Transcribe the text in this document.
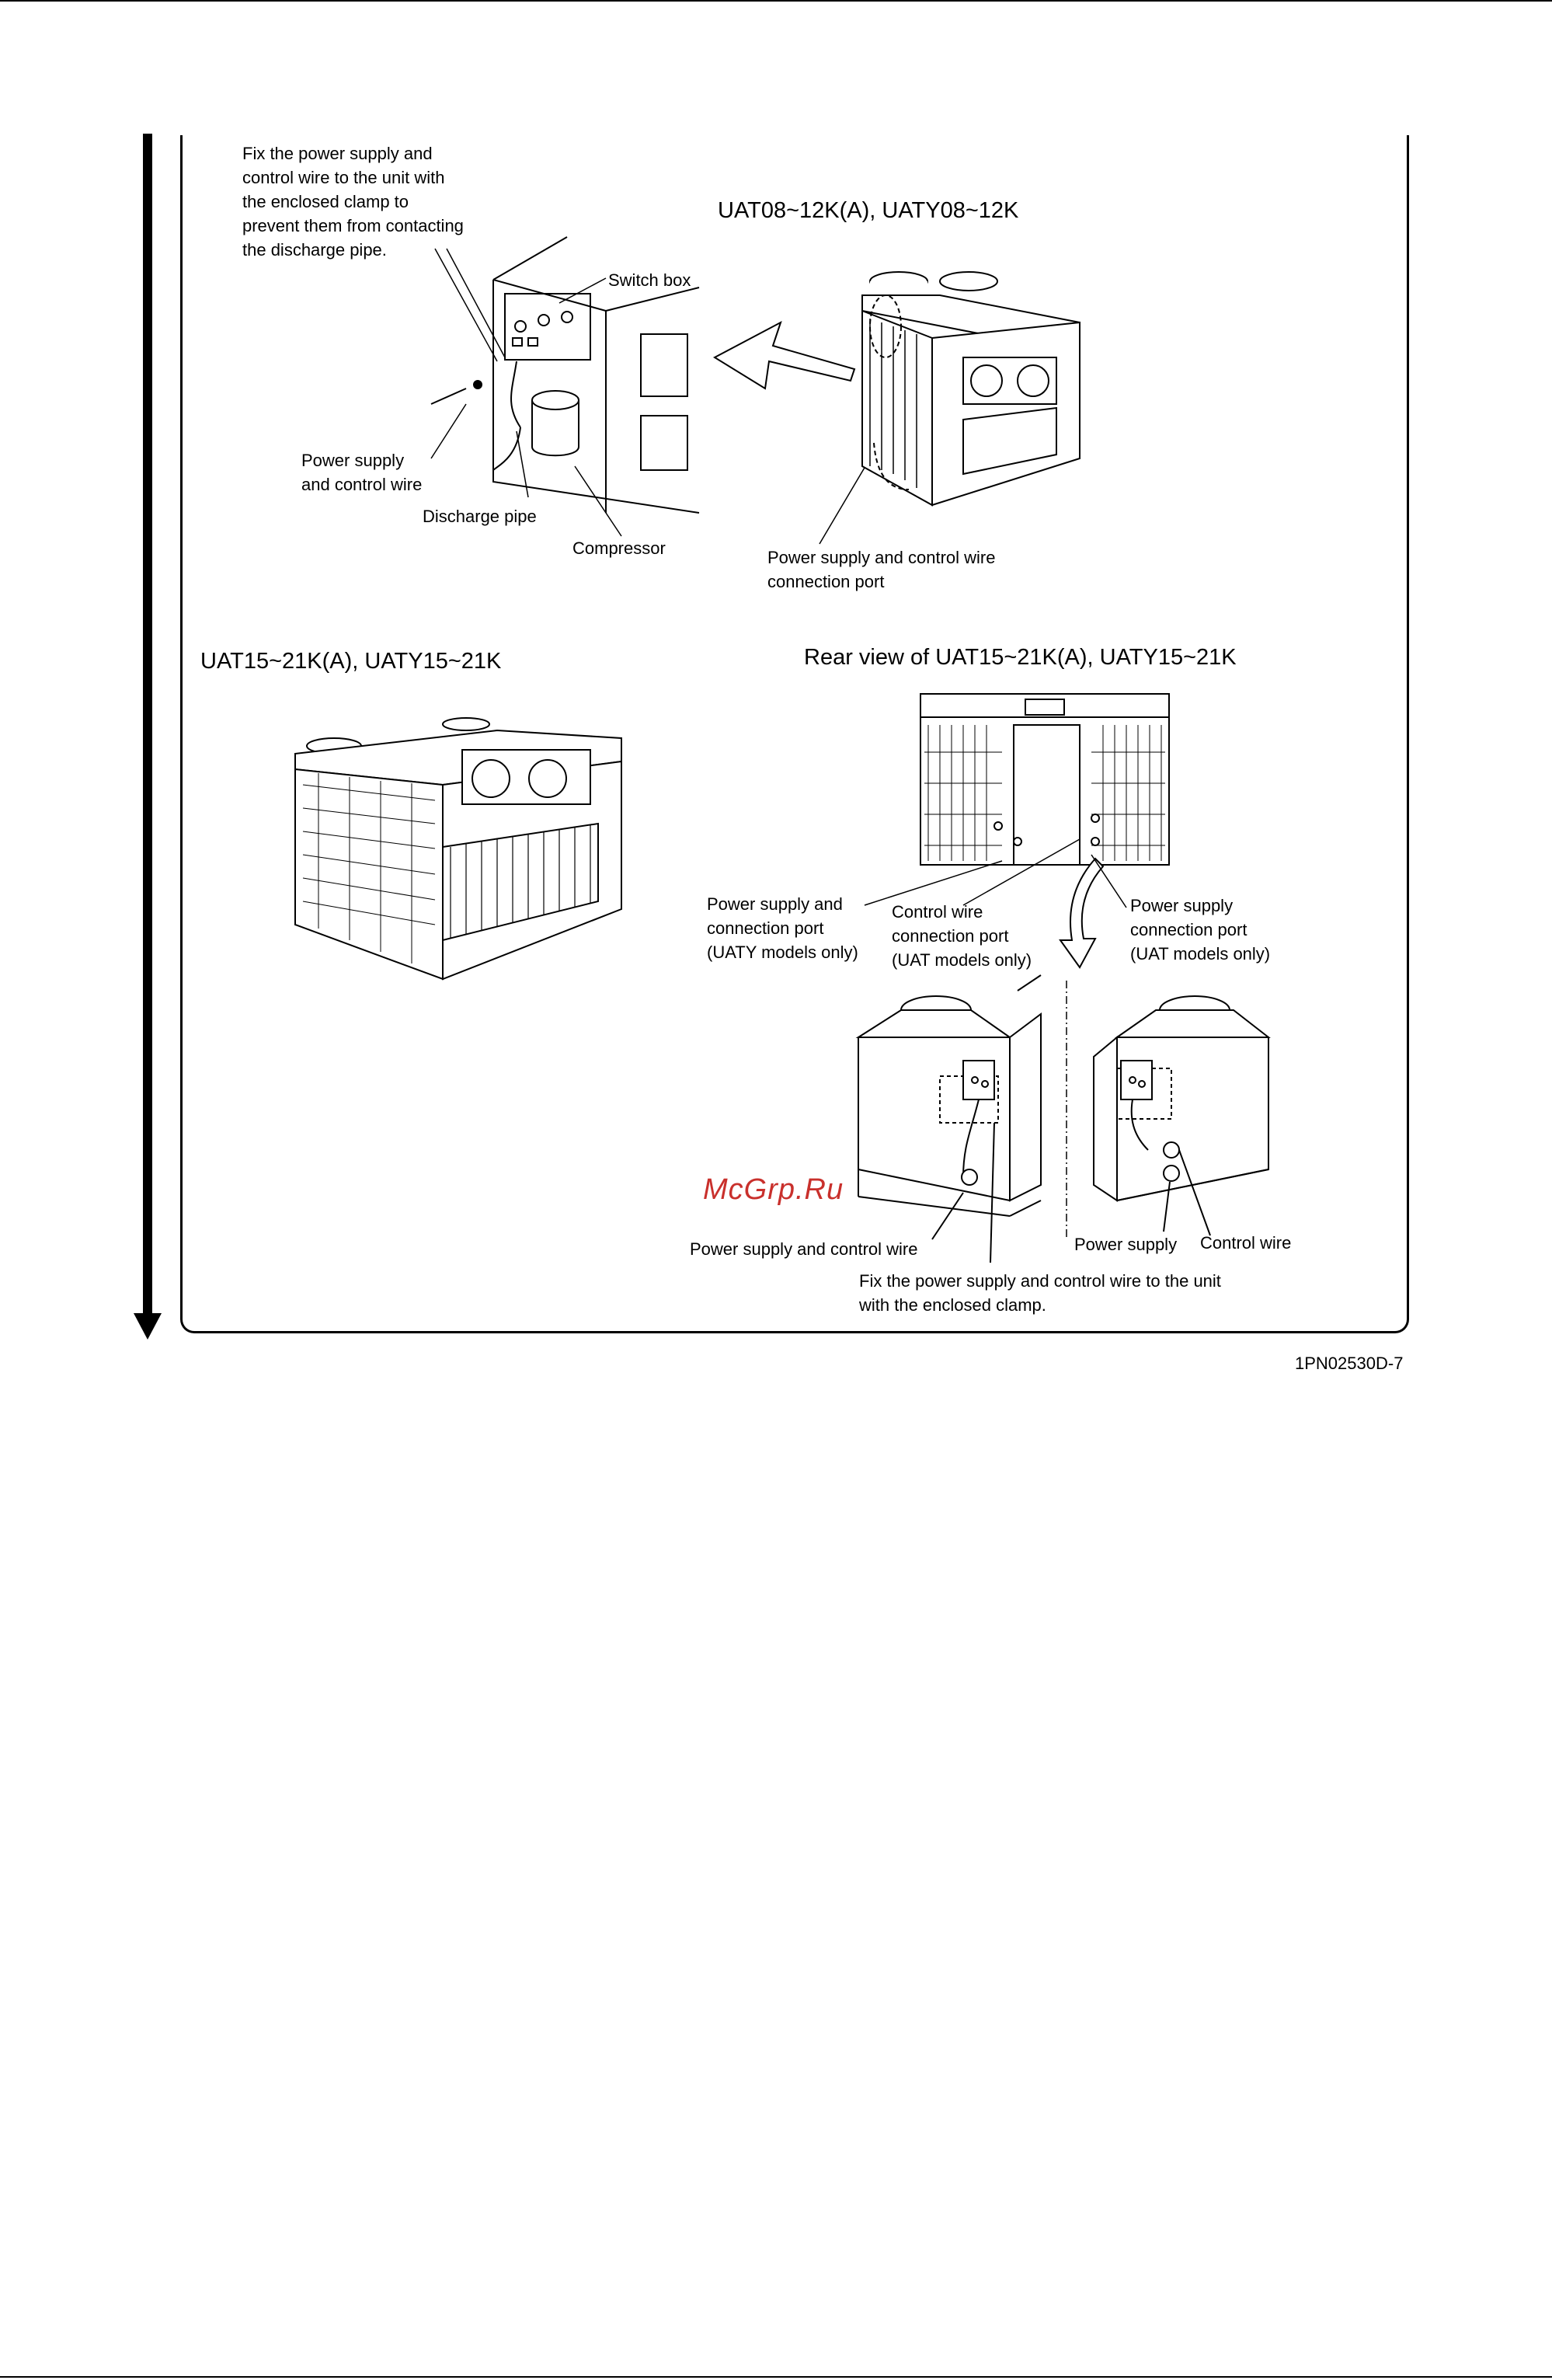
Fix the power supply and
control wire to the unit with
the enclosed clamp to
prevent them from contacting
the discharge pipe.
UAT08~12K(A), UATY08~12K
Switch box
Power supply
and control wire
Discharge pipe
Compressor	Power supply and control wire
connection port
UAT15~21K(A), UATY15~21K	Rear view of UAT15~21K(A), UATY15~21K
Power supply and
connection port
(UATY models only)
Control wire
connection port
(UAT models only)
Power supply
connection port
(UAT models only)
McGrp.Ru
Power supply and control wire	Power supply Control wire
Fix the power supply and control wire to the unit
with the enclosed clamp.
1PN02530D-7
